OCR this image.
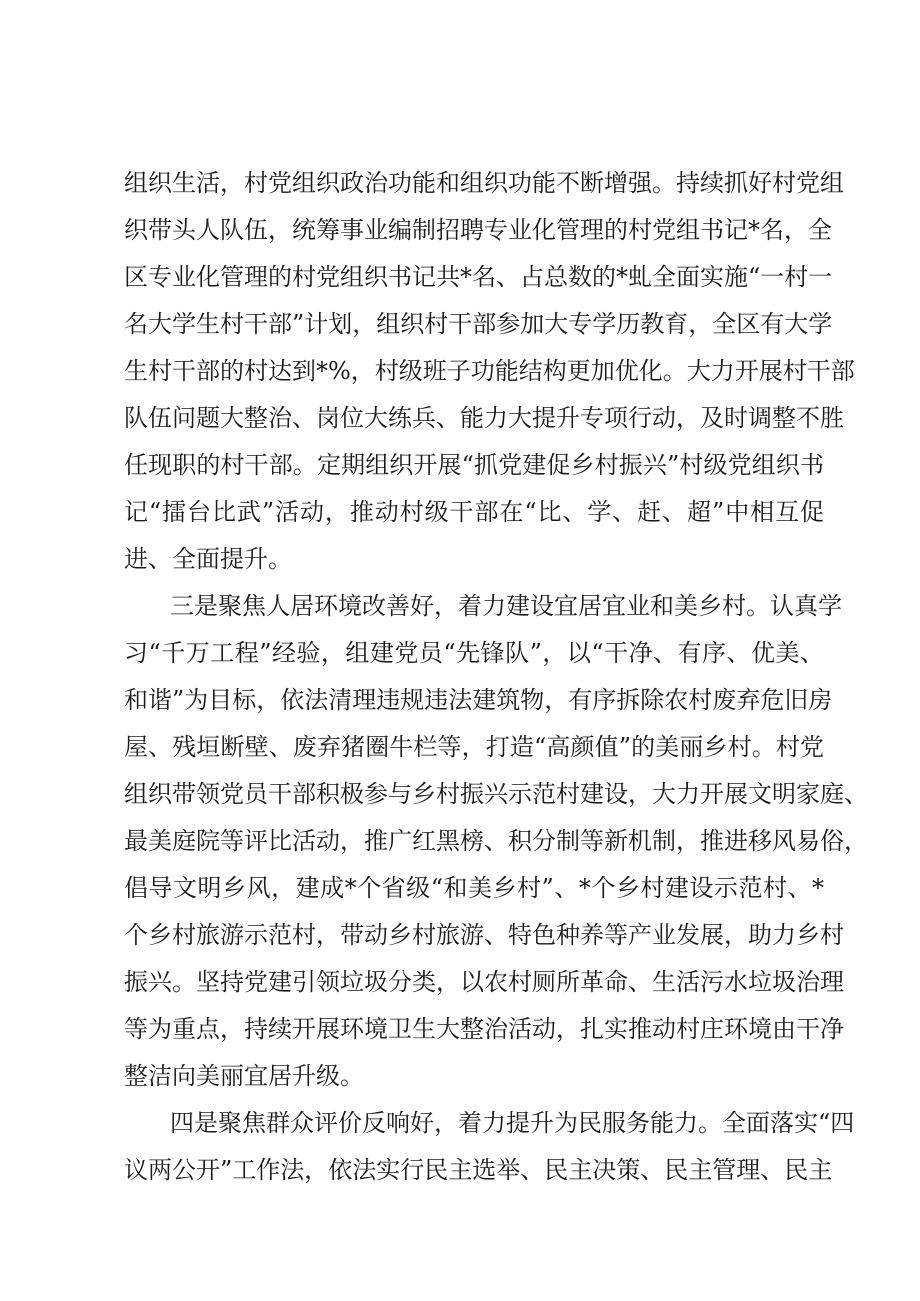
组织生活，村党组织政治功能和组织功能不断增强。持续抓好村党组
织带头人队伍，统筹事业编制招聘专业化管理的村党组书记*名，全
区专业化管理的村党组织书记共*名、占总数的*虬全面实施“一村一
名大学生村干部”计划，组织村干部参加大专学历教育，全区有大学
生村干部的村达到*%，村级班子功能结构更加优化。大力开展村干部
队伍问题大整治、岗位大练兵、能力大提升专项行动，及时调整不胜
任现职的村干部。定期组织开展“抓党建促乡村振兴”村级党组织书
记“擂台比武”活动，推动村级干部在“比、学、赶、超”中相互促
进、全面提升。
三是聚焦人居环境改善好，着力建设宜居宜业和美乡村。认真学
习“千万工程”经验，组建党员“先锋队”，以“干净、有序、优美、
和谐”为目标，依法清理违规违法建筑物，有序拆除农村废弃危旧房
屋、残垣断壁、废弃猪圈牛栏等，打造“高颜值”的美丽乡村。村党
组织带领党员干部积极参与乡村振兴示范村建设，大力开展文明家庭、
最美庭院等评比活动，推广红黑榜、积分制等新机制，推进移风易俗，
倡导文明乡风，建成*个省级“和美乡村”、*个乡村建设示范村、*
个乡村旅游示范村，带动乡村旅游、特色种养等产业发展，助力乡村
振兴。坚持党建引领垃圾分类，以农村厕所革命、生活污水垃圾治理
等为重点，持续开展环境卫生大整治活动，扎实推动村庄环境由干净
整洁向美丽宜居升级。
四是聚焦群众评价反响好，着力提升为民服务能力。全面落实“四
议两公开”工作法，依法实行民主选举、民主决策、民主管理、民主
